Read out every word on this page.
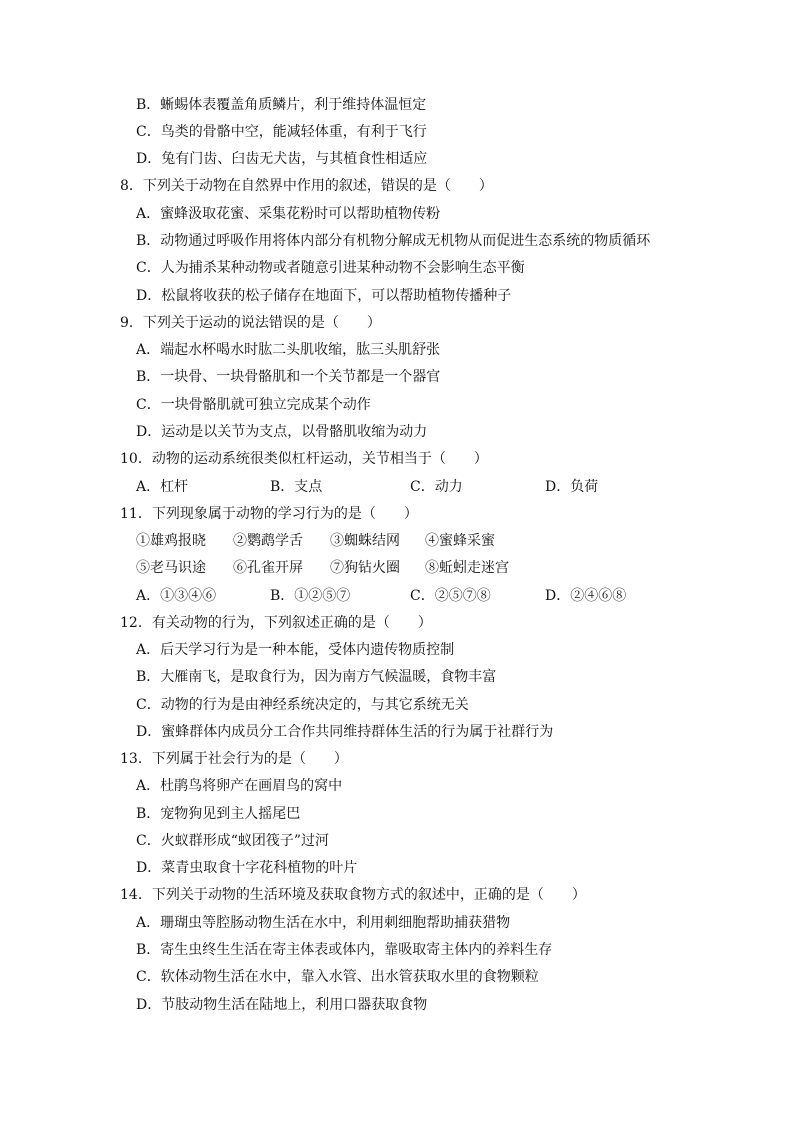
B．蜥蜴体表覆盖角质鳞片，利于维持体温恒定
C．鸟类的骨骼中空，能减轻体重，有利于飞行
D．兔有门齿、臼齿无犬齿，与其植食性相适应
8．下列关于动物在自然界中作用的叙述，错误的是（　　）
A．蜜蜂汲取花蜜、采集花粉时可以帮助植物传粉
B．动物通过呼吸作用将体内部分有机物分解成无机物从而促进生态系统的物质循环
C．人为捕杀某种动物或者随意引进某种动物不会影响生态平衡
D．松鼠将收获的松子储存在地面下，可以帮助植物传播种子
9．下列关于运动的说法错误的是（　　）
A．端起水杯喝水时肱二头肌收缩，肱三头肌舒张
B．一块骨、一块骨骼肌和一个关节都是一个器官
C．一块骨骼肌就可独立完成某个动作
D．运动是以关节为支点，以骨骼肌收缩为动力
10．动物的运动系统很类似杠杆运动，关节相当于（　　）
A．杠杆	B．支点	C．动力	D．负荷
11．下列现象属于动物的学习行为的是（　　）
①雄鸡报晓 ②鹦鹉学舌 ③蜘蛛结网 ④蜜蜂采蜜
⑤老马识途 ⑥孔雀开屏 ⑦狗钻火圈 ⑧蚯蚓走迷宫
A．①③④⑥	B．①②⑤⑦	C．②⑤⑦⑧	D．②④⑥⑧
12．有关动物的行为，下列叙述正确的是（　　）
A．后天学习行为是一种本能，受体内遗传物质控制
B．大雁南飞，是取食行为，因为南方气候温暖，食物丰富
C．动物的行为是由神经系统决定的，与其它系统无关
D．蜜蜂群体内成员分工合作共同维持群体生活的行为属于社群行为
13．下列属于社会行为的是（　　）
A．杜鹃鸟将卵产在画眉鸟的窝中
B．宠物狗见到主人摇尾巴
C．火蚁群形成“蚁团筏子”过河
D．菜青虫取食十字花科植物的叶片
14．下列关于动物的生活环境及获取食物方式的叙述中，正确的是（　　）
A．珊瑚虫等腔肠动物生活在水中，利用刺细胞帮助捕获猎物
B．寄生虫终生生活在寄主体表或体内，靠吸取寄主体内的养料生存
C．软体动物生活在水中，靠入水管、出水管获取水里的食物颗粒
D．节肢动物生活在陆地上，利用口器获取食物
